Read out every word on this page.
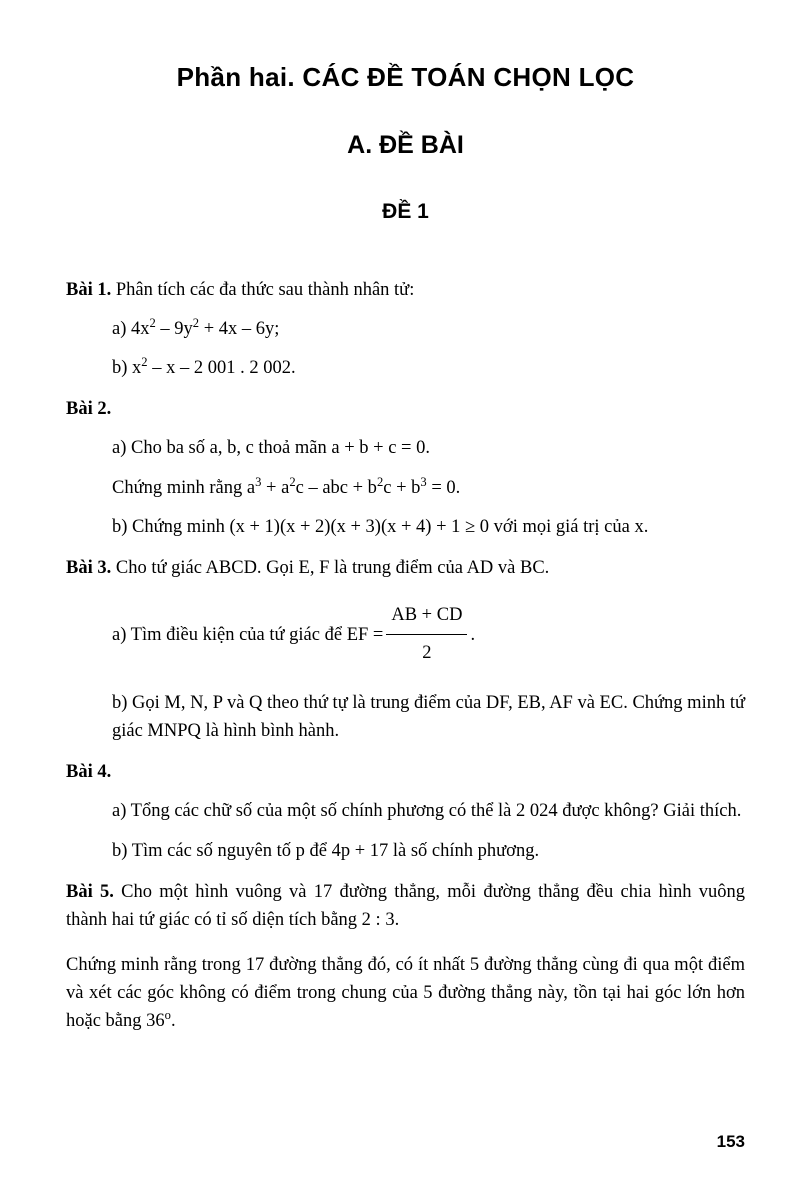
Phần hai. CÁC ĐỀ TOÁN CHỌN LỌC
A. ĐỀ BÀI
ĐỀ 1

Bài 1. Phân tích các đa thức sau thành nhân tử:

a) $4x^2 - 9y^2 + 4x - 6y$;

b) $x^2$ – x – 2 001 . 2 002.

Bài 2.

a) Cho ba số a, b, c thoả mãn a + b + c = 0.

Chứng minh rằng $a^3 + a^2c$ – abc + $b^2c + b^3 = 0$.

b) Chứng minh (x + 1)(x + 2)(x + 3)(x + 4) + 1 ≥ 0 với mọi giá trị của x.

Bài 3. Cho tứ giác ABCD. Gọi E, F là trung điểm của AD và BC.

a) Tìm điều kiện của tứ giác để EF = $\frac{AB + CD}{2}$ .

b) Gọi M, N, P và Q theo thứ tự là trung điểm của DF, EB, AF và EC. Chứng minh tứ giác MNPQ là hình bình hành.

Bài 4.

a) Tổng các chữ số của một số chính phương có thể là 2 024 được không? Giải thích.

b) Tìm các số nguyên tố p để 4p + 17 là số chính phương.

Bài 5. Cho một hình vuông và 17 đường thẳng, mỗi đường thẳng đều chia hình vuông thành hai tứ giác có tỉ số diện tích bằng 2 : 3.

Chứng minh rằng trong 17 đường thẳng đó, có ít nhất 5 đường thẳng cùng đi qua một điểm và xét các góc không có điểm trong chung của 5 đường thẳng này, tồn tại hai góc lớn hơn hoặc bằng 36$^o$.

153
